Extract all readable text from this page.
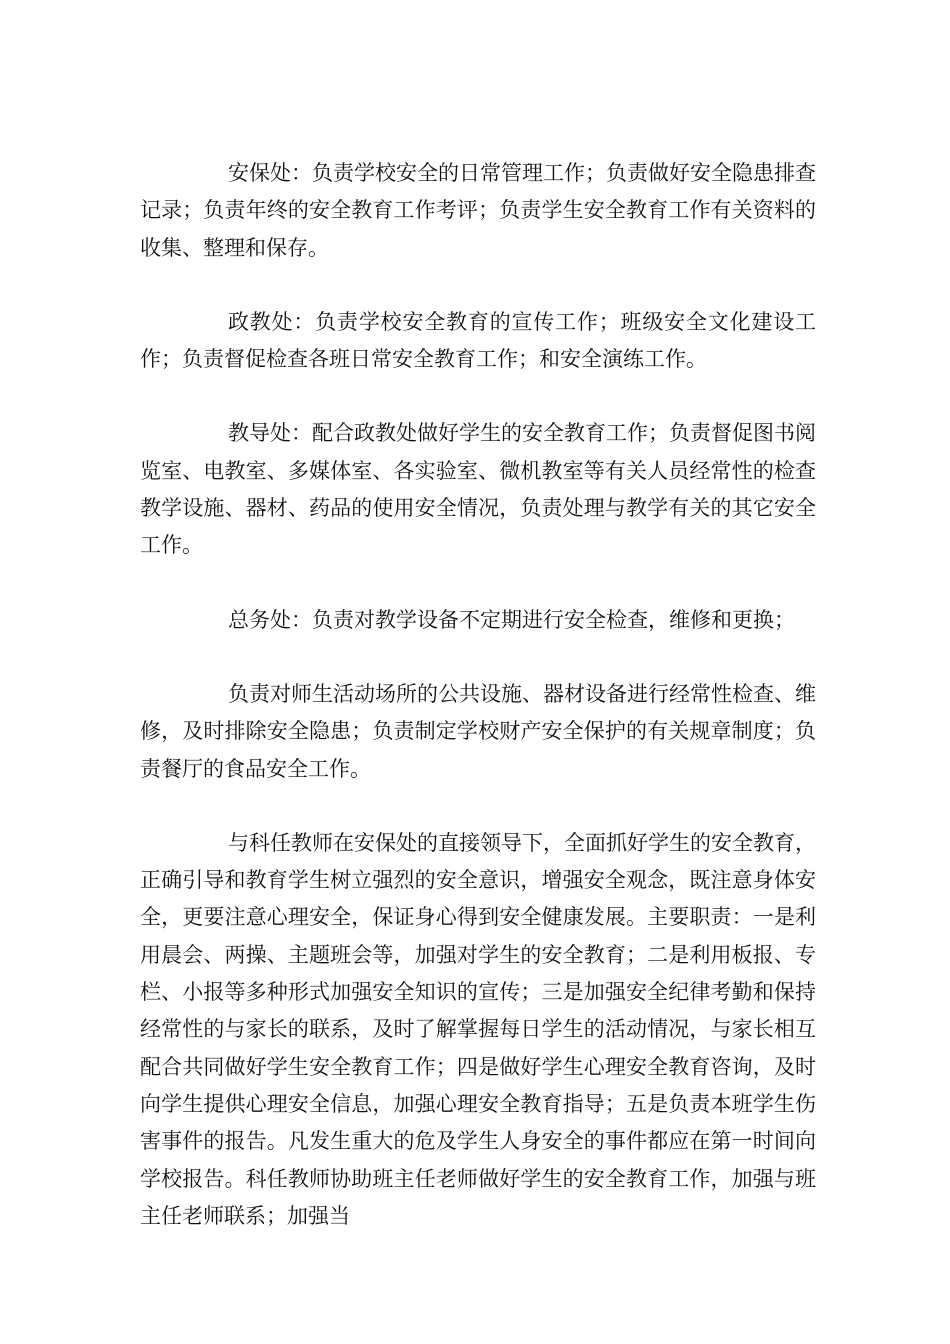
安保处：负责学校安全的日常管理工作；负责做好安全隐患排查记录；负责年终的安全教育工作考评；负责学生安全教育工作有关资料的收集、整理和保存。

政教处：负责学校安全教育的宣传工作；班级安全文化建设工作；负责督促检查各班日常安全教育工作；和安全演练工作。

教导处：配合政教处做好学生的安全教育工作；负责督促图书阅览室、电教室、多媒体室、各实验室、微机教室等有关人员经常性的检查教学设施、器材、药品的使用安全情况，负责处理与教学有关的其它安全工作。

总务处：负责对教学设备不定期进行安全检查，维修和更换；

负责对师生活动场所的公共设施、器材设备进行经常性检查、维修，及时排除安全隐患；负责制定学校财产安全保护的有关规章制度；负责餐厅的食品安全工作。

与科任教师在安保处的直接领导下，全面抓好学生的安全教育，正确引导和教育学生树立强烈的安全意识，增强安全观念，既注意身体安全，更要注意心理安全，保证身心得到安全健康发展。主要职责：一是利用晨会、两操、主题班会等，加强对学生的安全教育；二是利用板报、专栏、小报等多种形式加强安全知识的宣传；三是加强安全纪律考勤和保持经常性的与家长的联系，及时了解掌握每日学生的活动情况，与家长相互配合共同做好学生安全教育工作；四是做好学生心理安全教育咨询，及时向学生提供心理安全信息，加强心理安全教育指导；五是负责本班学生伤害事件的报告。凡发生重大的危及学生人身安全的事件都应在第一时间向学校报告。科任教师协助班主任老师做好学生的安全教育工作，加强与班主任老师联系；加强当
